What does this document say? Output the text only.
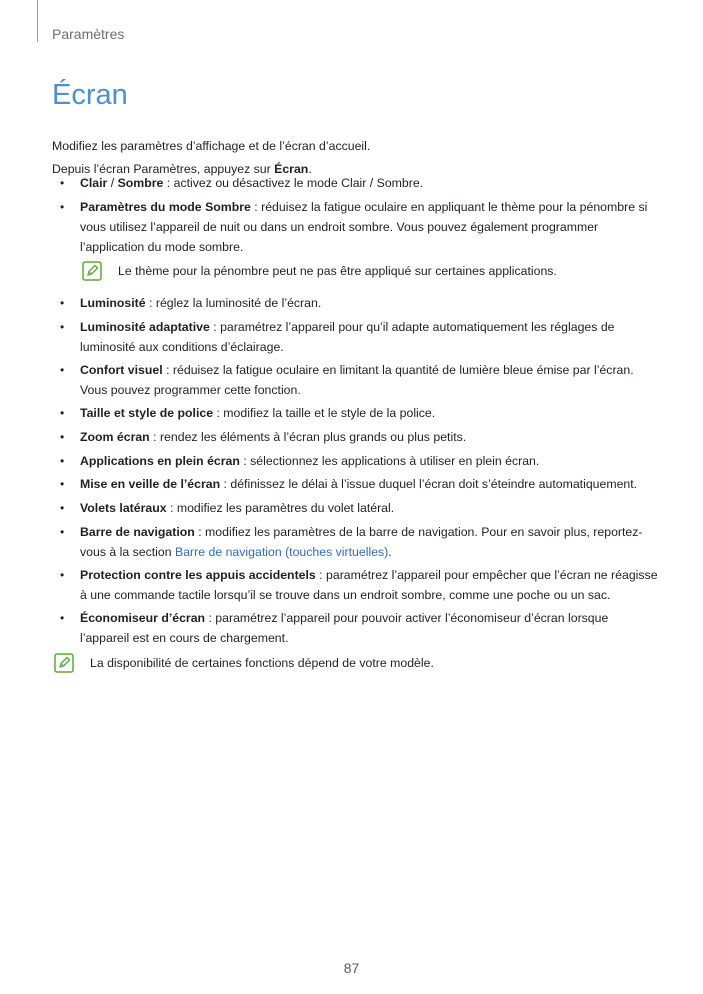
Paramètres
Écran

Modifiez les paramètres d’affichage et de l’écran d’accueil.

Depuis l’écran Paramètres, appuyez sur Écran.

• Clair / Sombre : activez ou désactivez le mode Clair / Sombre.
• Paramètres du mode Sombre : réduisez la fatigue oculaire en appliquant le thème pour la pénombre si vous utilisez l’appareil de nuit ou dans un endroit sombre. Vous pouvez également programmer l’application du mode sombre.
• Luminosité : réglez la luminosité de l’écran.
• Luminosité adaptative : paramétrez l’appareil pour qu’il adapte automatiquement les réglages de luminosité aux conditions d’éclairage.
• Confort visuel : réduisez la fatigue oculaire en limitant la quantité de lumière bleue émise par l’écran. Vous pouvez programmer cette fonction.
• Taille et style de police : modifiez la taille et le style de la police.
• Zoom écran : rendez les éléments à l’écran plus grands ou plus petits.
• Applications en plein écran : sélectionnez les applications à utiliser en plein écran.
• Mise en veille de l’écran : définissez le délai à l’issue duquel l’écran doit s’éteindre automatiquement.
• Volets latéraux : modifiez les paramètres du volet latéral.
• Barre de navigation : modifiez les paramètres de la barre de navigation. Pour en savoir plus, reportez-vous à la section Barre de navigation (touches virtuelles).
• Protection contre les appuis accidentels : paramétrez l’appareil pour empêcher que l’écran ne réagisse à une commande tactile lorsqu’il se trouve dans un endroit sombre, comme une poche ou un sac.
• Économiseur d’écran : paramétrez l’appareil pour pouvoir activer l’économiseur d’écran lorsque l’appareil est en cours de chargement.
Le thème pour la pénombre peut ne pas être appliqué sur certaines applications.
La disponibilité de certaines fonctions dépend de votre modèle.
87
